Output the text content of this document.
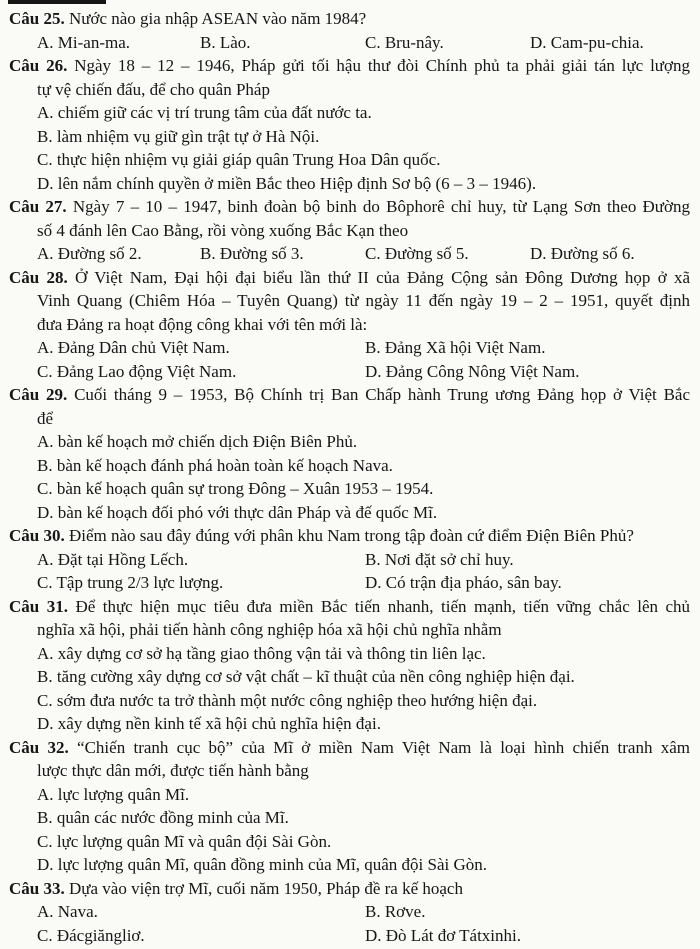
Câu 25. Nước nào gia nhập ASEAN vào năm 1984?
A. Mi-an-ma.	B. Lào.	C. Bru-nây.	D. Cam-pu-chia.
Câu 26. Ngày 18 – 12 – 1946, Pháp gửi tối hậu thư đòi Chính phủ ta phải giải tán lực lượng
tự vệ chiến đấu, để cho quân Pháp
A. chiếm giữ các vị trí trung tâm của đất nước ta.
B. làm nhiệm vụ giữ gìn trật tự ở Hà Nội.
C. thực hiện nhiệm vụ giải giáp quân Trung Hoa Dân quốc.
D. lên nắm chính quyền ở miền Bắc theo Hiệp định Sơ bộ (6 – 3 – 1946).
Câu 27. Ngày 7 – 10 – 1947, binh đoàn bộ binh do Bôphorê chỉ huy, từ Lạng Sơn theo Đường
số 4 đánh lên Cao Bằng, rồi vòng xuống Bắc Kạn theo
A. Đường số 2.	B. Đường số 3.	C. Đường số 5.	D. Đường số 6.
Câu 28. Ở Việt Nam, Đại hội đại biểu lần thứ II của Đảng Cộng sản Đông Dương họp ở xã
Vinh Quang (Chiêm Hóa – Tuyên Quang) từ ngày 11 đến ngày 19 – 2 – 1951, quyết định
đưa Đảng ra hoạt động công khai với tên mới là:
A. Đảng Dân chủ Việt Nam.	B. Đảng Xã hội Việt Nam.
C. Đảng Lao động Việt Nam.	D. Đảng Công Nông Việt Nam.
Câu 29. Cuối tháng 9 – 1953, Bộ Chính trị Ban Chấp hành Trung ương Đảng họp ở Việt Bắc
để
A. bàn kế hoạch mở chiến dịch Điện Biên Phủ.
B. bàn kế hoạch đánh phá hoàn toàn kế hoạch Nava.
C. bàn kế hoạch quân sự trong Đông – Xuân 1953 – 1954.
D. bàn kế hoạch đối phó với thực dân Pháp và đế quốc Mĩ.
Câu 30. Điểm nào sau đây đúng với phân khu Nam trong tập đoàn cứ điểm Điện Biên Phủ?
A. Đặt tại Hồng Lếch.	B. Nơi đặt sở chỉ huy.
C. Tập trung 2/3 lực lượng.	D. Có trận địa pháo, sân bay.
Câu 31. Để thực hiện mục tiêu đưa miền Bắc tiến nhanh, tiến mạnh, tiến vững chắc lên chủ
nghĩa xã hội, phải tiến hành công nghiệp hóa xã hội chủ nghĩa nhằm
A. xây dựng cơ sở hạ tầng giao thông vận tải và thông tin liên lạc.
B. tăng cường xây dựng cơ sở vật chất – kĩ thuật của nền công nghiệp hiện đại.
C. sớm đưa nước ta trở thành một nước công nghiệp theo hướng hiện đại.
D. xây dựng nền kinh tế xã hội chủ nghĩa hiện đại.
Câu 32. “Chiến tranh cục bộ” của Mĩ ở miền Nam Việt Nam là loại hình chiến tranh xâm
lược thực dân mới, được tiến hành bằng
A. lực lượng quân Mĩ.
B. quân các nước đồng minh của Mĩ.
C. lực lượng quân Mĩ và quân đội Sài Gòn.
D. lực lượng quân Mĩ, quân đồng minh của Mĩ, quân đội Sài Gòn.
Câu 33. Dựa vào viện trợ Mĩ, cuối năm 1950, Pháp đề ra kế hoạch
A. Nava.	B. Rơve.
C. Đácgiăngliơ.	D. Đò Lát đơ Tátxinhi.
